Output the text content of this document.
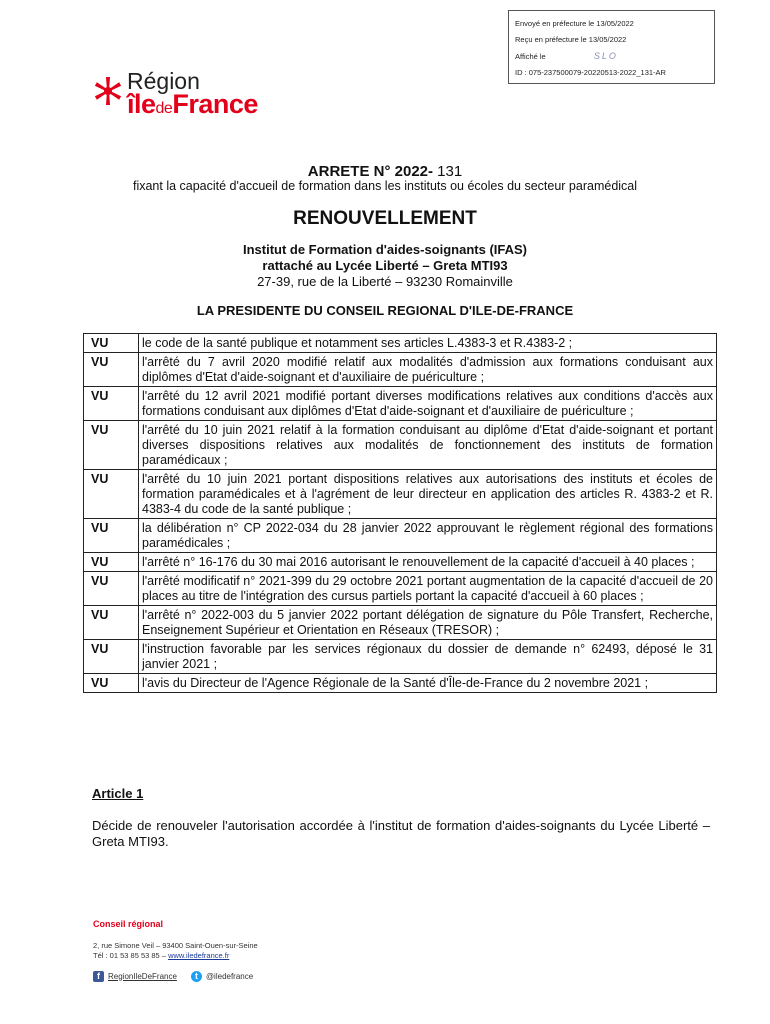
Envoyé en préfecture le 13/05/2022
Reçu en préfecture le 13/05/2022
Affiché le	SLO
ID : 075-237500079-20220513-2022_131-AR
Région
îledeFrance
ARRETE N° 2022- 131
fixant la capacité d'accueil de formation dans les instituts ou écoles du secteur paramédical
RENOUVELLEMENT
Institut de Formation d'aides-soignants (IFAS)
rattaché au Lycée Liberté – Greta MTI93
27-39, rue de la Liberté – 93230 Romainville
LA PRESIDENTE DU CONSEIL REGIONAL D'ILE-DE-FRANCE
VU	le code de la santé publique et notamment ses articles L.4383-3 et R.4383-2 ;
VU	l'arrêté du 7 avril 2020 modifié relatif aux modalités d'admission aux formations conduisant aux diplômes d'Etat d'aide-soignant et d'auxiliaire de puériculture ;
VU	l'arrêté du 12 avril 2021 modifié portant diverses modifications relatives aux conditions d'accès aux formations conduisant aux diplômes d'Etat d'aide-soignant et d'auxiliaire de puériculture ;
VU	l'arrêté du 10 juin 2021 relatif à la formation conduisant au diplôme d'Etat d'aide-soignant et portant diverses dispositions relatives aux modalités de fonctionnement des instituts de formation paramédicaux ;
VU	l'arrêté du 10 juin 2021 portant dispositions relatives aux autorisations des instituts et écoles de formation paramédicales et à l'agrément de leur directeur en application des articles R. 4383-2 et R. 4383-4 du code de la santé publique ;
VU	la délibération n° CP 2022-034 du 28 janvier 2022 approuvant le règlement régional des formations paramédicales ;
VU	l'arrêté n° 16-176 du 30 mai 2016 autorisant le renouvellement de la capacité d'accueil à 40 places ;
VU	l'arrêté modificatif n° 2021-399 du 29 octobre 2021 portant augmentation de la capacité d'accueil de 20 places au titre de l'intégration des cursus partiels portant la capacité d'accueil à 60 places ;
VU	l'arrêté n° 2022-003 du 5 janvier 2022 portant délégation de signature du Pôle Transfert, Recherche, Enseignement Supérieur et Orientation en Réseaux (TRESOR) ;
VU	l'instruction favorable par les services régionaux du dossier de demande n° 62493, déposé le 31 janvier 2021 ;
VU	l'avis du Directeur de l'Agence Régionale de la Santé d'Île-de-France du 2 novembre 2021 ;
Article 1
Décide de renouveler l'autorisation accordée à l'institut de formation d'aides-soignants du Lycée Liberté – Greta MTI93.
Conseil régional
2, rue Simone Veil – 93400 Saint-Ouen-sur-Seine
Tél : 01 53 85 53 85 – www.iledefrance.fr
f	RegionIleDeFrance	t	@iledefrance
